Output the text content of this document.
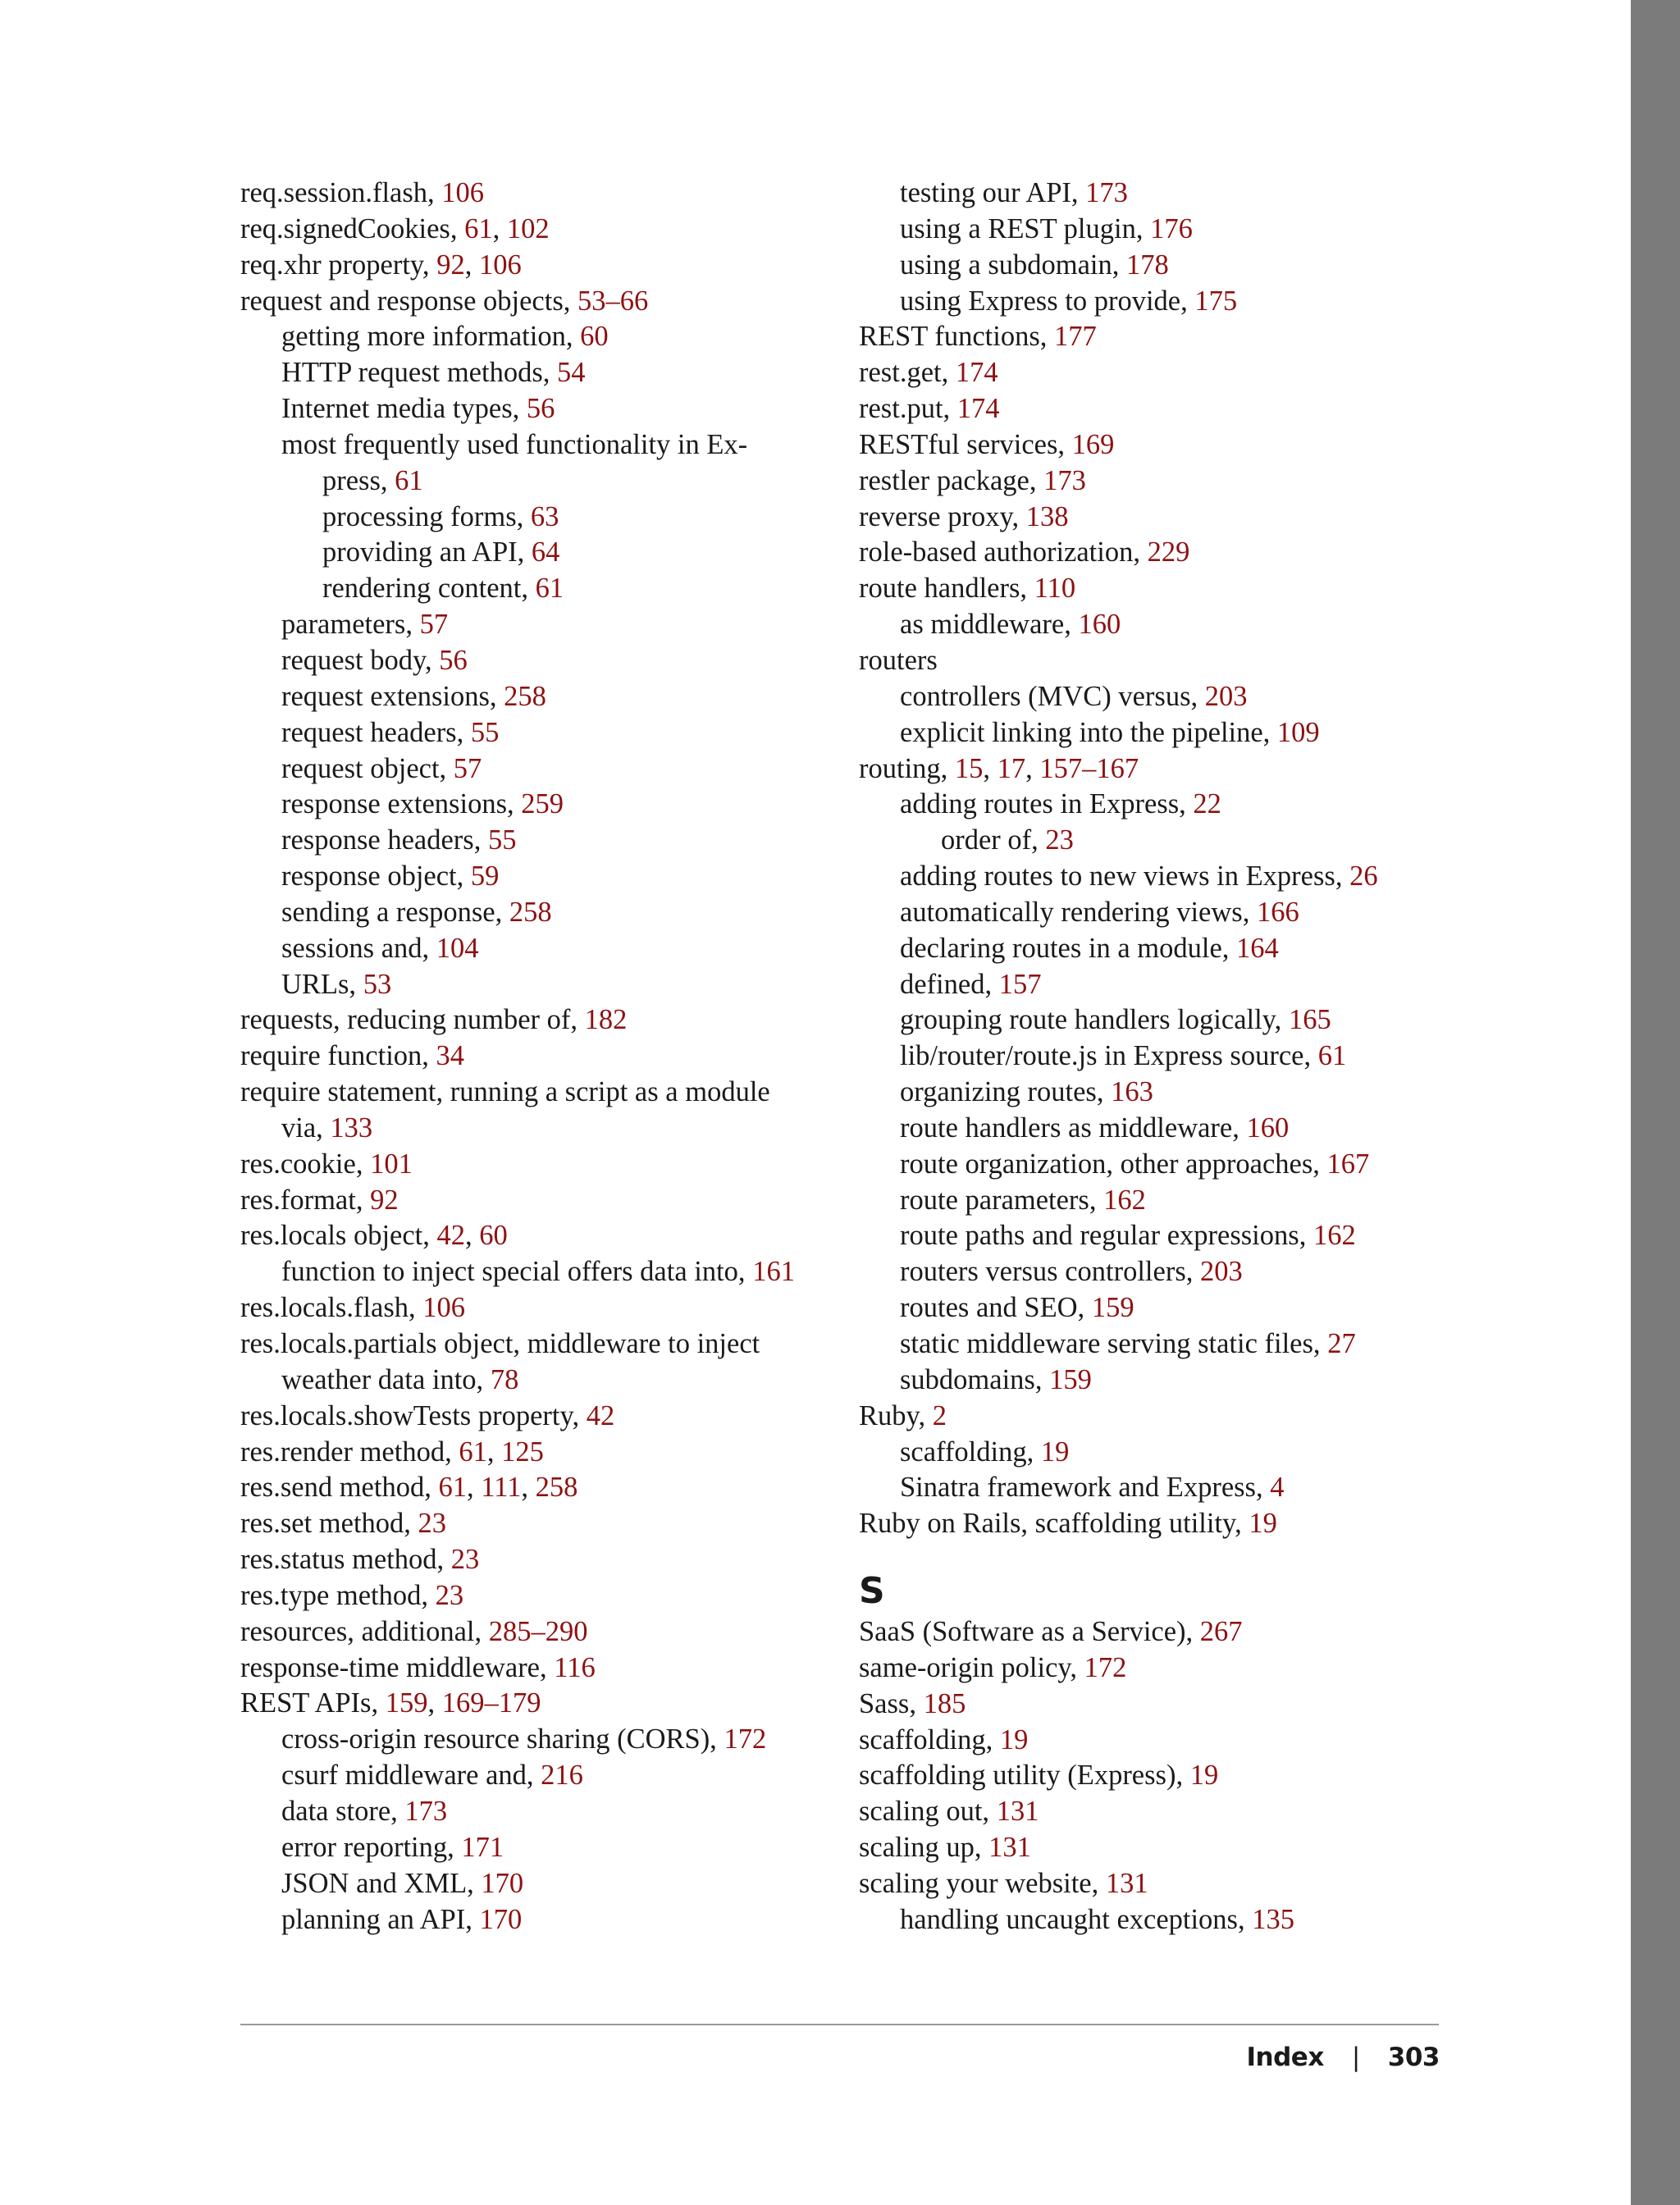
req.session.flash, 106
req.signedCookies, 61, 102
req.xhr property, 92, 106
request and response objects, 53–66
getting more information, 60
HTTP request methods, 54
Internet media types, 56
most frequently used functionality in Ex-
press, 61
processing forms, 63
providing an API, 64
rendering content, 61
parameters, 57
request body, 56
request extensions, 258
request headers, 55
request object, 57
response extensions, 259
response headers, 55
response object, 59
sending a response, 258
sessions and, 104
URLs, 53
requests, reducing number of, 182
require function, 34
require statement, running a script as a module
via, 133
res.cookie, 101
res.format, 92
res.locals object, 42, 60
function to inject special offers data into, 161
res.locals.flash, 106
res.locals.partials object, middleware to inject
weather data into, 78
res.locals.showTests property, 42
res.render method, 61, 125
res.send method, 61, 111, 258
res.set method, 23
res.status method, 23
res.type method, 23
resources, additional, 285–290
response-time middleware, 116
REST APIs, 159, 169–179
cross-origin resource sharing (CORS), 172
csurf middleware and, 216
data store, 173
error reporting, 171
JSON and XML, 170
planning an API, 170
testing our API, 173
using a REST plugin, 176
using a subdomain, 178
using Express to provide, 175
REST functions, 177
rest.get, 174
rest.put, 174
RESTful services, 169
restler package, 173
reverse proxy, 138
role-based authorization, 229
route handlers, 110
as middleware, 160
routers
controllers (MVC) versus, 203
explicit linking into the pipeline, 109
routing, 15, 17, 157–167
adding routes in Express, 22
order of, 23
adding routes to new views in Express, 26
automatically rendering views, 166
declaring routes in a module, 164
defined, 157
grouping route handlers logically, 165
lib/router/route.js in Express source, 61
organizing routes, 163
route handlers as middleware, 160
route organization, other approaches, 167
route parameters, 162
route paths and regular expressions, 162
routers versus controllers, 203
routes and SEO, 159
static middleware serving static files, 27
subdomains, 159
Ruby, 2
scaffolding, 19
Sinatra framework and Express, 4
Ruby on Rails, scaffolding utility, 19
S
SaaS (Software as a Service), 267
same-origin policy, 172
Sass, 185
scaffolding, 19
scaffolding utility (Express), 19
scaling out, 131
scaling up, 131
scaling your website, 131
handling uncaught exceptions, 135
Index | 303
